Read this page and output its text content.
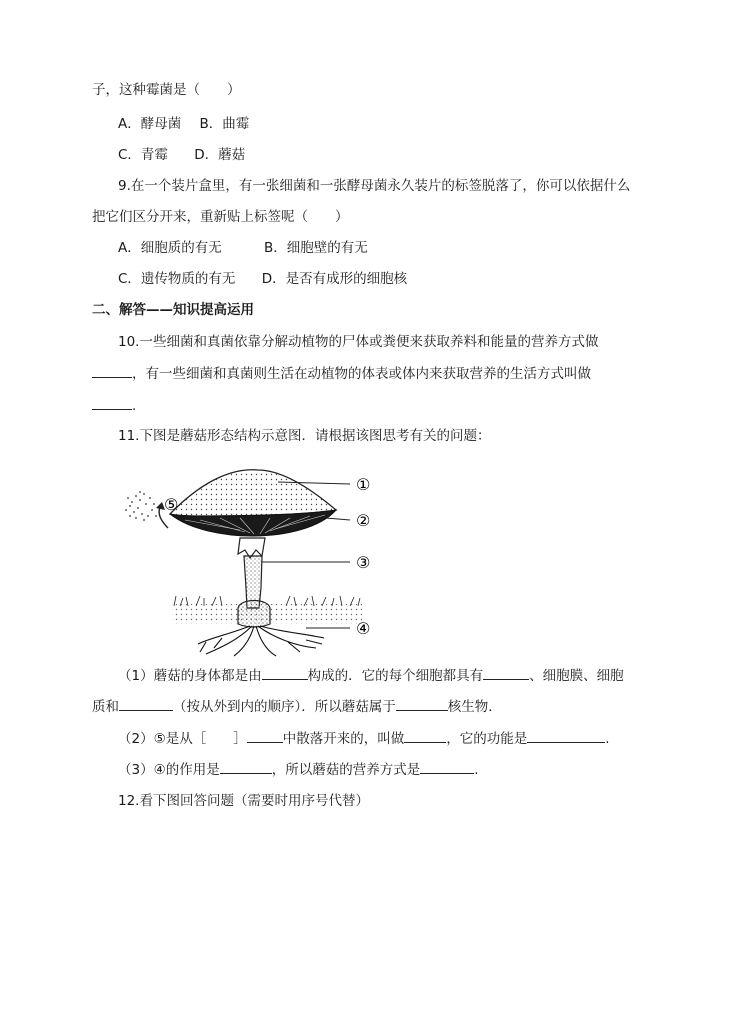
子，这种霉菌是（　　）
A．酵母菌 B．曲霉
C．青霉 D．蘑菇
9.在一个装片盒里，有一张细菌和一张酵母菌永久装片的标签脱落了，你可以依据什么
把它们区分开来，重新贴上标签呢（　　）
A．细胞质的有无	B．细胞壁的有无
C．遗传物质的有无 D．是否有成形的细胞核
二、解答——知识提高运用
10.一些细菌和真菌依靠分解动植物的尸体或粪便来获取养料和能量的营养方式做
，有一些细菌和真菌则生活在动植物的体表或体内来获取营养的生活方式叫做
.
11.下图是蘑菇形态结构示意图．请根据该图思考有关的问题：
①
②
③
④
⑤
（1）蘑菇的身体都是由	构成的．它的每个细胞都具有	、细胞膜、细胞
质和	（按从外到内的顺序）．所以蘑菇属于	核生物．
（2）⑤是从［　　］	中散落开来的，叫做	，它的功能是	.
（3）④的作用是	，所以蘑菇的营养方式是	.
12.看下图回答问题（需要时用序号代替）
